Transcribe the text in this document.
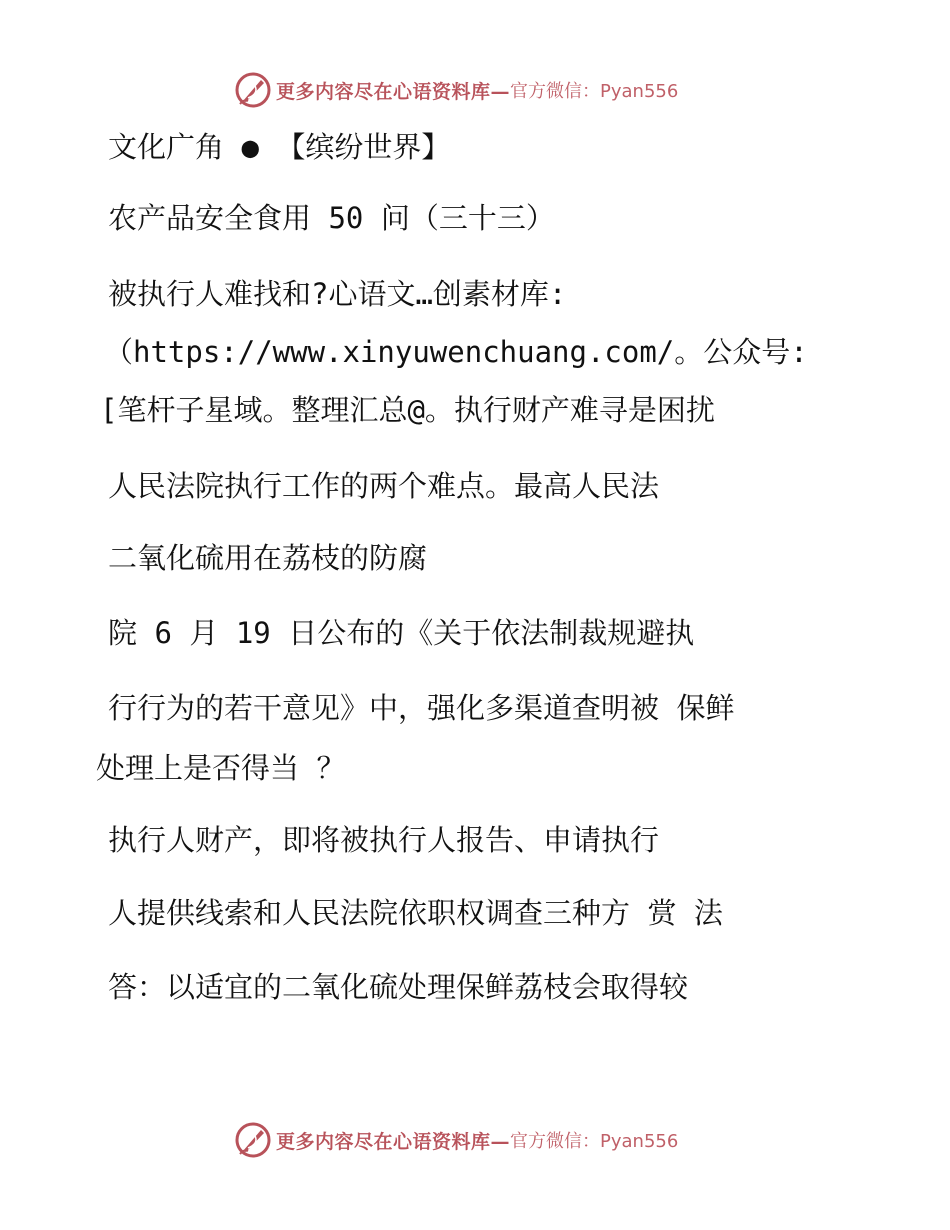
更多内容尽在心语资料库— 官方微信：Pyan556
文化广角 ● 【缤纷世界】
农产品安全食用 50 问（三十三）
被执行人难找和?心语文…创素材库:
（https://www.xinyuwenchuang.com/。公众号:
[笔杆子星域。整理汇总@。执行财产难寻是困扰
人民法院执行工作的两个难点。最高人民法
二氧化硫用在荔枝的防腐
院 6 月 19 日公布的《关于依法制裁规避执
行行为的若干意见》中，强化多渠道查明被 保鲜
处理上是否得当 ？
执行人财产，即将被执行人报告、申请执行
人提供线索和人民法院依职权调查三种方 赏 法
答：以适宜的二氧化硫处理保鲜荔枝会取得较
更多内容尽在心语资料库— 官方微信：Pyan556
